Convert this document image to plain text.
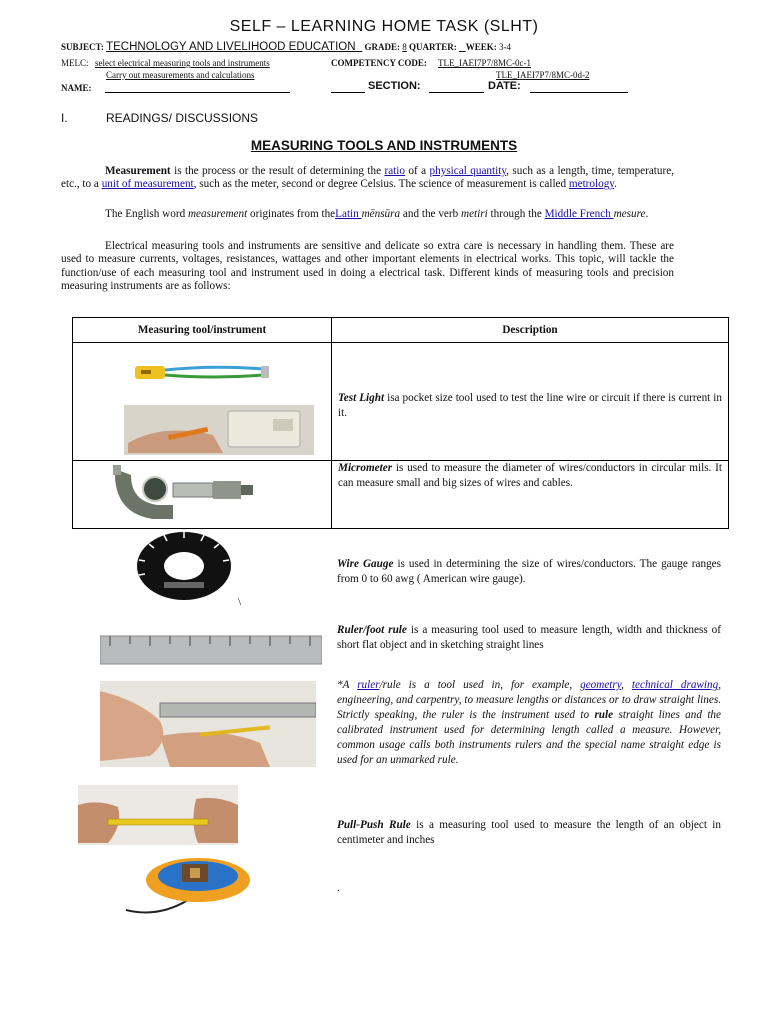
SELF – LEARNING HOME TASK (SLHT)
SUBJECT: TECHNOLOGY AND LIVELIHOOD EDUCATION GRADE: 8 QUARTER: WEEK: 3-4
MELC: select electrical measuring tools and instruments	COMPETENCY CODE: TLE_IAEI7P7/8MC-0c-1
Carry out measurements and calculations	TLE_IAEI7P7/8MC-0d-2
NAME:	SECTION:	DATE:
I.	READINGS/ DISCUSSIONS
MEASURING TOOLS AND INSTRUMENTS

Measurement is the process or the result of determining the ratio of a physical quantity, such as a length, time, temperature, etc., to a unit of measurement, such as the meter, second or degree Celsius. The science of measurement is called metrology.

The English word measurement originates from theLatin mēnsūra and the verb metiri through the Middle French mesure.

Electrical measuring tools and instruments are sensitive and delicate so extra care is necessary in handling them. These are used to measure currents, voltages, resistances, wattages and other important elements in electrical works. This topic, will tackle the function/use of each measuring tool and instrument used in doing a electrical task. Different kinds of measuring tools and precision measuring instruments are as follows:

Measuring tool/instrument	Description

Test Light isa pocket size tool used to test the line wire or circuit if there is current in it.

Micrometer is used to measure the diameter of wires/conductors in circular mils. It can measure small and big sizes of wires and cables.
Wire Gauge is used in determining the size of wires/conductors. The gauge ranges from 0 to 60 awg ( American wire gauge).
\
Ruler/foot rule is a measuring tool used to measure length, width and thickness of short flat object and in sketching straight lines
*A ruler/rule is a tool used in, for example, geometry, technical drawing, engineering, and carpentry, to measure lengths or distances or to draw straight lines. Strictly speaking, the ruler is the instrument used to rule straight lines and the calibrated instrument used for determining length called a measure. However, common usage calls both instruments rulers and the special name straight edge is used for an unmarked rule.
Pull-Push Rule is a measuring tool used to measure the length of an object in centimeter and inches
.
